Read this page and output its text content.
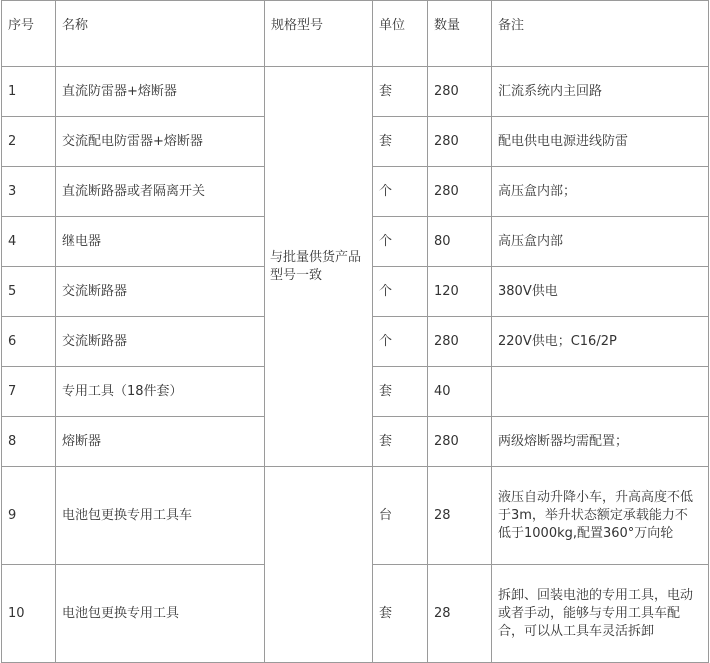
序号	名称	规格型号	单位	数量	备注
1	直流防雷器+熔断器	与批量供货产品型号一致	套	280	汇流系统内主回路
2	交流配电防雷器+熔断器		套	280	配电供电电源进线防雷
3	直流断路器或者隔离开关		个	280	高压盒内部；
4	继电器		个	80	高压盒内部
5	交流断路器		个	120	380V供电
6	交流断路器		个	280	220V供电；C16/2P
7	专用工具（18件套）		套	40	
8	熔断器		套	280	两级熔断器均需配置；
9	电池包更换专用工具车		台	28	液压自动升降小车，升高高度不低于3m，举升状态额定承载能力不低于1000kg,配置360°万向轮
10	电池包更换专用工具		套	28	拆卸、回装电池的专用工具，电动或者手动，能够与专用工具车配合，可以从工具车灵活拆卸
